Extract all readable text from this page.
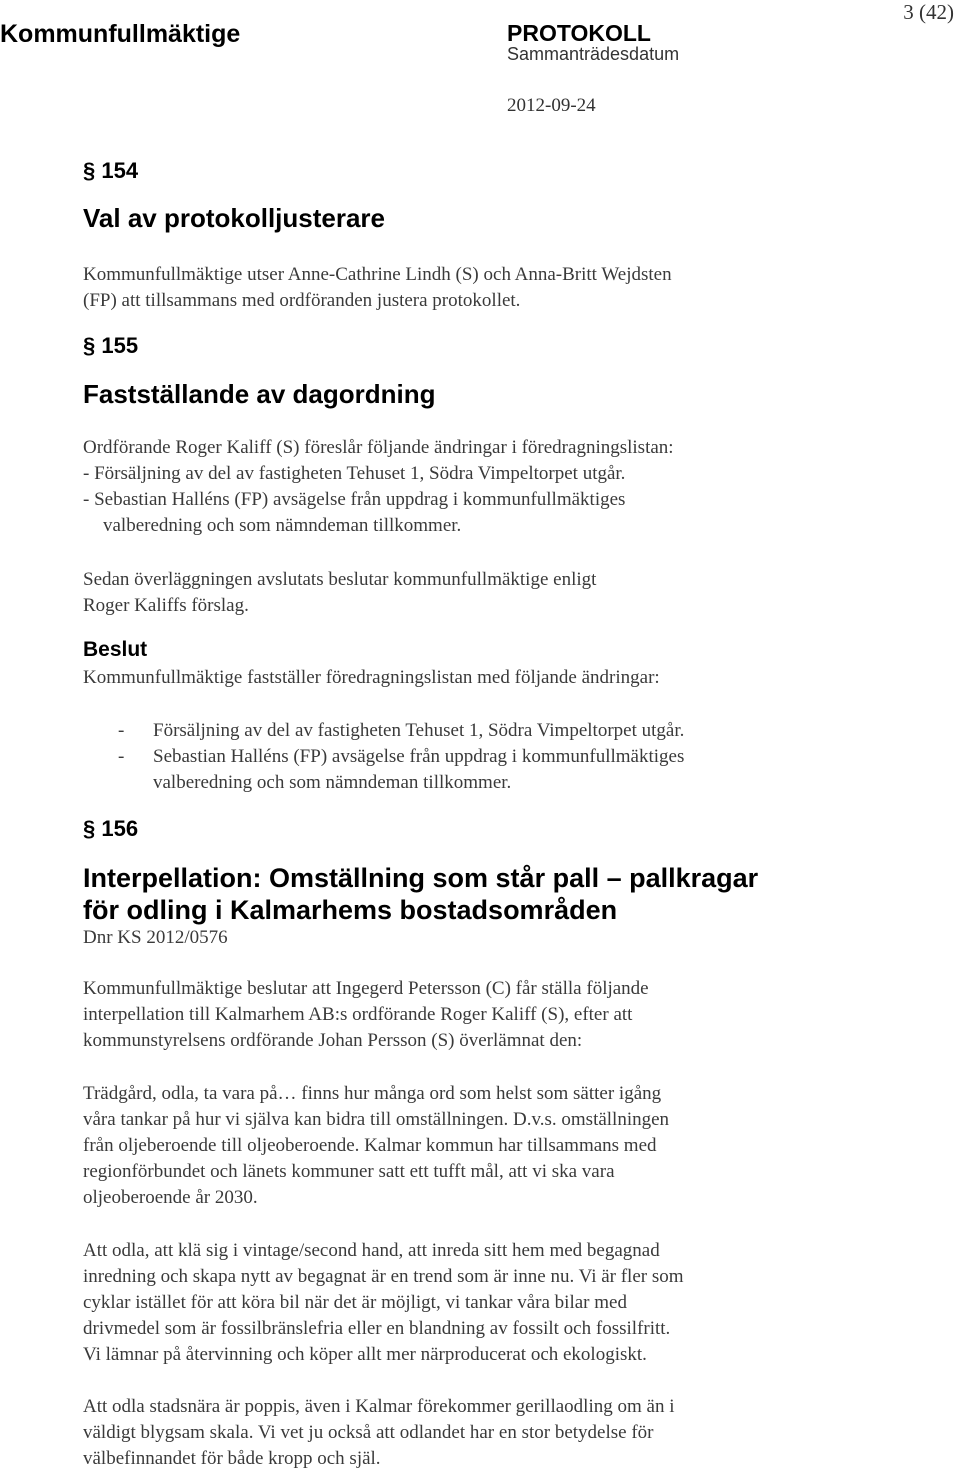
Kommunfullmäktige	PROTOKOLL
3 (42)
Sammanträdesdatum
2012-09-24
§ 154
Val av protokolljusterare
Kommunfullmäktige utser Anne-Cathrine Lindh (S) och Anna-Britt Wejdsten
(FP) att tillsammans med ordföranden justera protokollet.
§ 155
Fastställande av dagordning
Ordförande Roger Kaliff (S) föreslår följande ändringar i föredragningslistan:
- Försäljning av del av fastigheten Tehuset 1, Södra Vimpeltorpet utgår.
- Sebastian Halléns (FP) avsägelse från uppdrag i kommunfullmäktiges
valberedning och som nämndeman tillkommer.
Sedan överläggningen avslutats beslutar kommunfullmäktige enligt
Roger Kaliffs förslag.
Beslut
Kommunfullmäktige fastställer föredragningslistan med följande ändringar:
- Försäljning av del av fastigheten Tehuset 1, Södra Vimpeltorpet utgår.
- Sebastian Halléns (FP) avsägelse från uppdrag i kommunfullmäktiges
valberedning och som nämndeman tillkommer.
§ 156
Interpellation: Omställning som står pall – pallkragar
för odling i Kalmarhems bostadsområden
Dnr KS 2012/0576
Kommunfullmäktige beslutar att Ingegerd Petersson (C) får ställa följande
interpellation till Kalmarhem AB:s ordförande Roger Kaliff (S), efter att
kommunstyrelsens ordförande Johan Persson (S) överlämnat den:
Trädgård, odla, ta vara på… finns hur många ord som helst som sätter igång
våra tankar på hur vi själva kan bidra till omställningen. D.v.s. omställningen
från oljeberoende till oljeoberoende. Kalmar kommun har tillsammans med
regionförbundet och länets kommuner satt ett tufft mål, att vi ska vara
oljeoberoende år 2030.
Att odla, att klä sig i vintage/second hand, att inreda sitt hem med begagnad
inredning och skapa nytt av begagnat är en trend som är inne nu. Vi är fler som
cyklar istället för att köra bil när det är möjligt, vi tankar våra bilar med
drivmedel som är fossilbränslefria eller en blandning av fossilt och fossilfritt.
Vi lämnar på återvinning och köper allt mer närproducerat och ekologiskt.
Att odla stadsnära är poppis, även i Kalmar förekommer gerillaodling om än i
väldigt blygsam skala. Vi vet ju också att odlandet har en stor betydelse för
välbefinnandet för både kropp och själ.
